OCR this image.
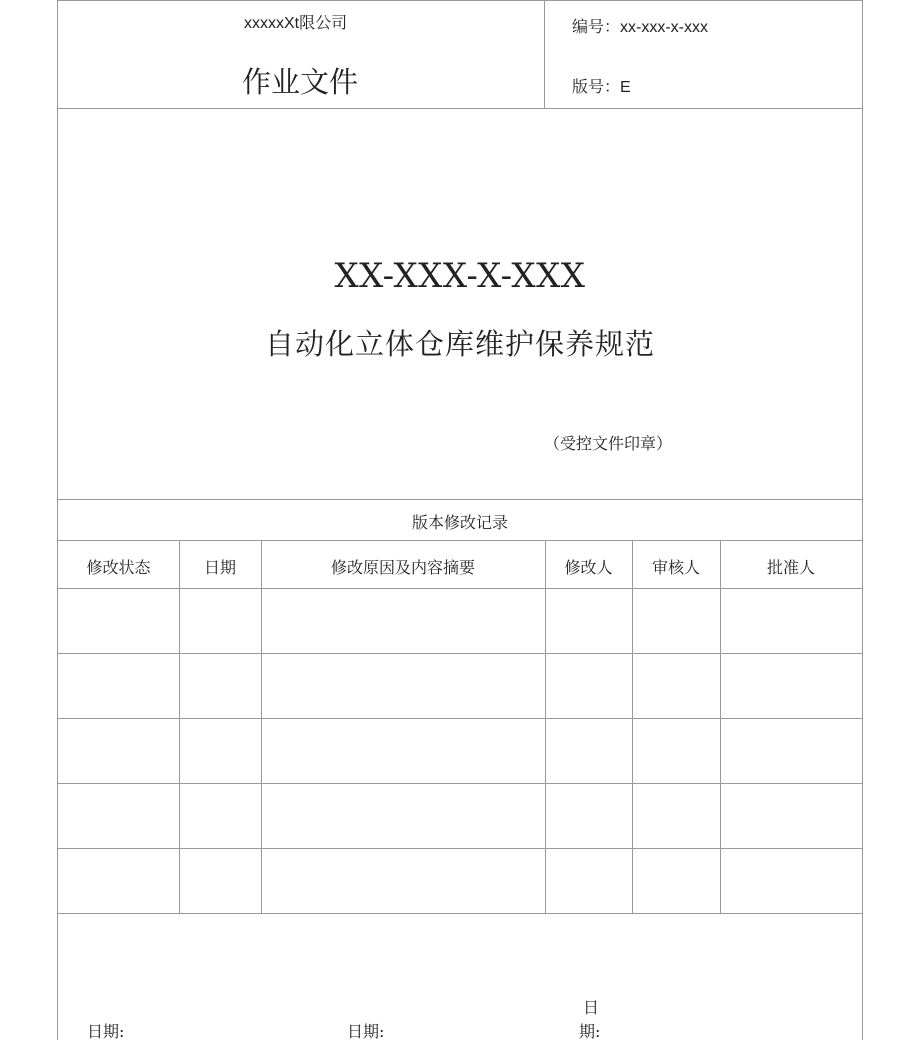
xxxxxXt限公司
作业文件
编号：xx-xxx-x-xxx
版号：E
XX-XXX-X-XXX
自动化立体仓库维护保养规范
（受控文件印章）
版本修改记录
修改状态	日期	修改原因及内容摘要	修改人	审核人	批准人
日期:	日期:
日
期:
